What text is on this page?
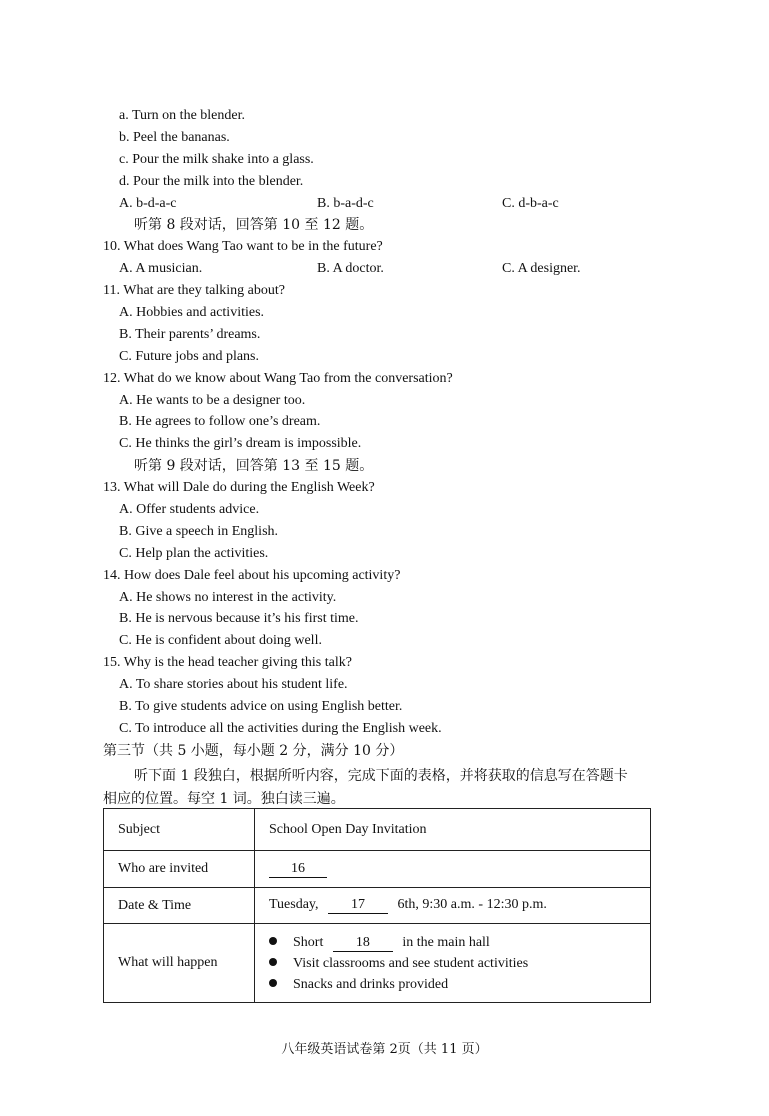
a. Turn on the blender.
b. Peel the bananas.
c. Pour the milk shake into a glass.
d. Pour the milk into the blender.
A. b-d-a-c	B. b-a-d-c	C. d-b-a-c
听第 8 段对话，回答第 10 至 12 题。
10. What does Wang Tao want to be in the future?
A. A musician.	B. A doctor.	C. A designer.
11. What are they talking about?
A. Hobbies and activities.
B. Their parents’ dreams.
C. Future jobs and plans.
12. What do we know about Wang Tao from the conversation?
A. He wants to be a designer too.
B. He agrees to follow one’s dream.
C. He thinks the girl’s dream is impossible.
听第 9 段对话，回答第 13 至 15 题。
13. What will Dale do during the English Week?
A. Offer students advice.
B. Give a speech in English.
C. Help plan the activities.
14. How does Dale feel about his upcoming activity?
A. He shows no interest in the activity.
B. He is nervous because it’s his first time.
C. He is confident about doing well.
15. Why is the head teacher giving this talk?
A. To share stories about his student life.
B. To give students advice on using English better.
C. To introduce all the activities during the English week.
第三节（共 5 小题，每小题 2 分，满分 10 分）
听下面 1 段独白，根据所听内容，完成下面的表格，并将获取的信息写在答题卡
相应的位置。每空 1 词。独白读三遍。
Subject	School Open Day Invitation
Who are invited	16
Date & Time	Tuesday, 17 6th, 9:30 a.m. - 12:30 p.m.
What will happen	Short 18 in the main hall
Visit classrooms and see student activities
Snacks and drinks provided
八年级英语试卷第 2页（共 11 页）
